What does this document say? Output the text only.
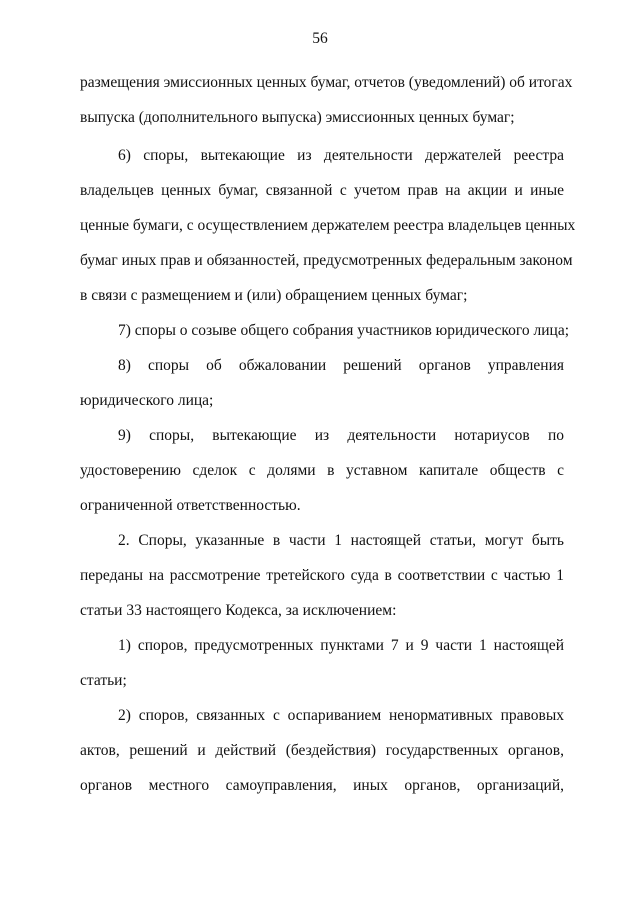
56
размещения эмиссионных ценных бумаг, отчетов (уведомлений) об итогах
выпуска (дополнительного выпуска) эмиссионных ценных бумаг;
6) споры, вытекающие из деятельности держателей реестра
владельцев ценных бумаг, связанной с учетом прав на акции и иные
ценные бумаги, с осуществлением держателем реестра владельцев ценных
бумаг иных прав и обязанностей, предусмотренных федеральным законом
в связи с размещением и (или) обращением ценных бумаг;
7) споры о созыве общего собрания участников юридического лица;
8) споры об обжаловании решений органов управления
юридического лица;
9) споры, вытекающие из деятельности нотариусов по
удостоверению сделок с долями в уставном капитале обществ с
ограниченной ответственностью.
2. Споры, указанные в части 1 настоящей статьи, могут быть
переданы на рассмотрение третейского суда в соответствии с частью 1
статьи 33 настоящего Кодекса, за исключением:
1) споров, предусмотренных пунктами 7 и 9 части 1 настоящей
статьи;
2) споров, связанных с оспариванием ненормативных правовых
актов, решений и действий (бездействия) государственных органов,
органов местного самоуправления, иных органов, организаций,
